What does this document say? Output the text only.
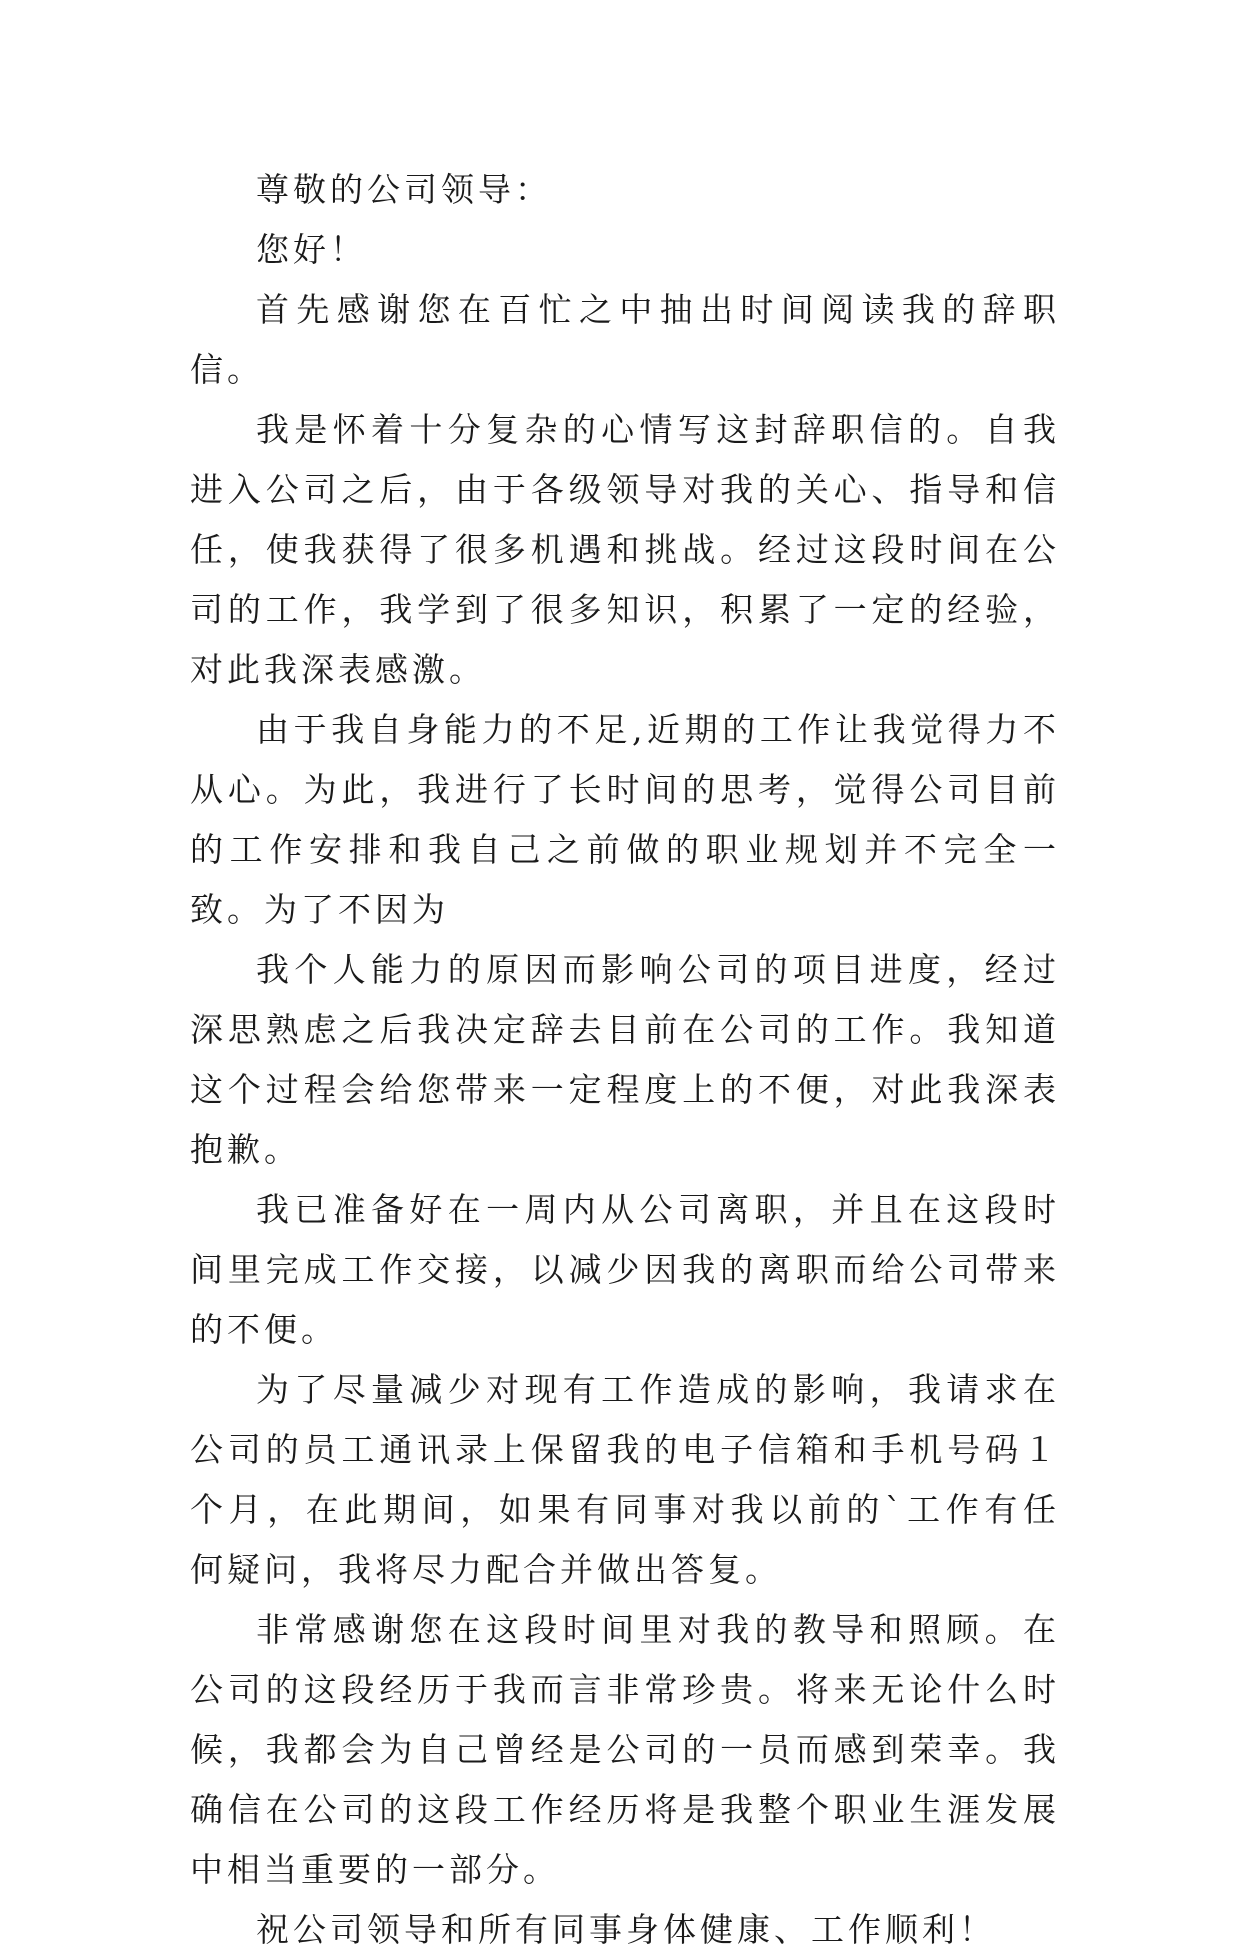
尊敬的公司领导：

您好！

首先感谢您在百忙之中抽出时间阅读我的辞职信。

我是怀着十分复杂的心情写这封辞职信的。自我进入公司之后，由于各级领导对我的关心、指导和信任，使我获得了很多机遇和挑战。经过这段时间在公司的工作，我学到了很多知识，积累了一定的经验，对此我深表感激。

由于我自身能力的不足,近期的工作让我觉得力不从心。为此，我进行了长时间的思考，觉得公司目前的工作安排和我自己之前做的职业规划并不完全一致。为了不因为

我个人能力的原因而影响公司的项目进度，经过深思熟虑之后我决定辞去目前在公司的工作。我知道这个过程会给您带来一定程度上的不便，对此我深表抱歉。

我已准备好在一周内从公司离职，并且在这段时间里完成工作交接，以减少因我的离职而给公司带来的不便。

为了尽量减少对现有工作造成的影响，我请求在公司的员工通讯录上保留我的电子信箱和手机号码１个月，在此期间，如果有同事对我以前的`工作有任何疑问，我将尽力配合并做出答复。

非常感谢您在这段时间里对我的教导和照顾。在公司的这段经历于我而言非常珍贵。将来无论什么时候，我都会为自己曾经是公司的一员而感到荣幸。我确信在公司的这段工作经历将是我整个职业生涯发展中相当重要的一部分。

祝公司领导和所有同事身体健康、工作顺利！
